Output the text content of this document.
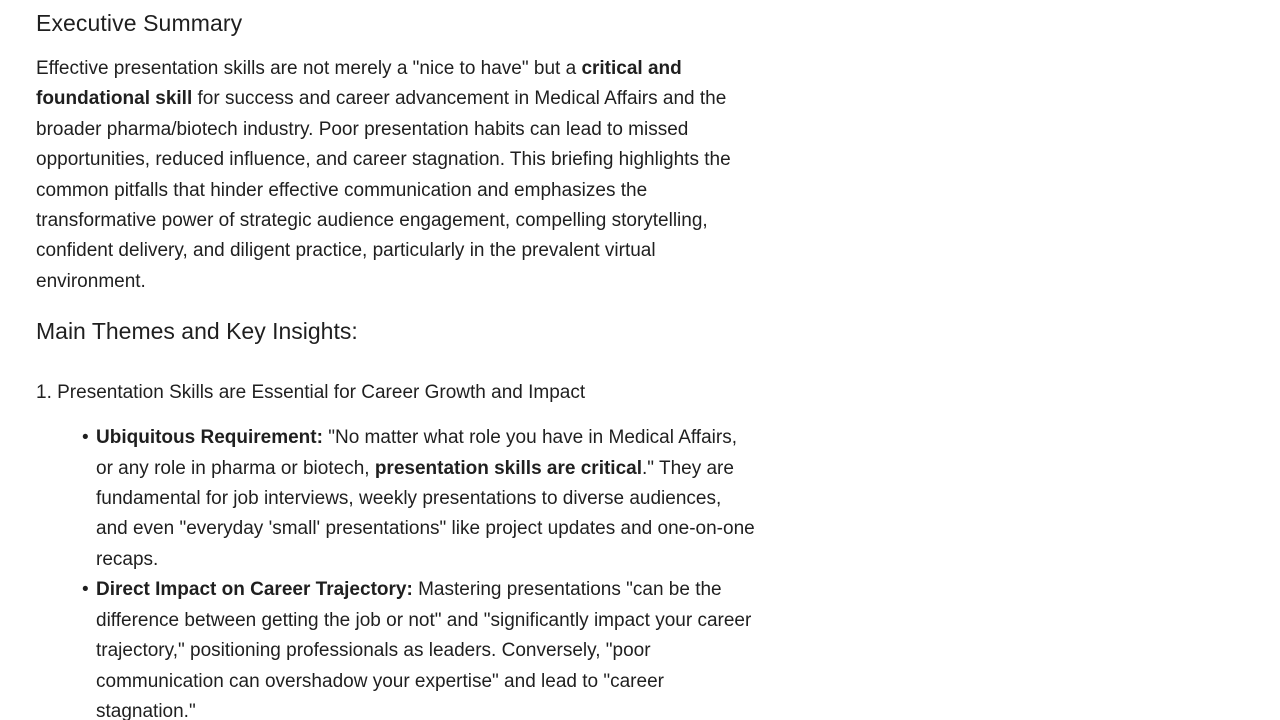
Executive Summary

Effective presentation skills are not merely a "nice to have" but a critical and foundational skill for success and career advancement in Medical Affairs and the broader pharma/biotech industry. Poor presentation habits can lead to missed opportunities, reduced influence, and career stagnation. This briefing highlights the common pitfalls that hinder effective communication and emphasizes the transformative power of strategic audience engagement, compelling storytelling, confident delivery, and diligent practice, particularly in the prevalent virtual environment.

Main Themes and Key Insights:
1. Presentation Skills are Essential for Career Growth and Impact
• Ubiquitous Requirement: "No matter what role you have in Medical Affairs, or any role in pharma or biotech, presentation skills are critical." They are fundamental for job interviews, weekly presentations to diverse audiences, and even "everyday 'small' presentations" like project updates and one-on-one recaps.
• Direct Impact on Career Trajectory: Mastering presentations "can be the difference between getting the job or not" and "significantly impact your career trajectory," positioning professionals as leaders. Conversely, "poor communication can overshadow your expertise" and lead to "career stagnation."
